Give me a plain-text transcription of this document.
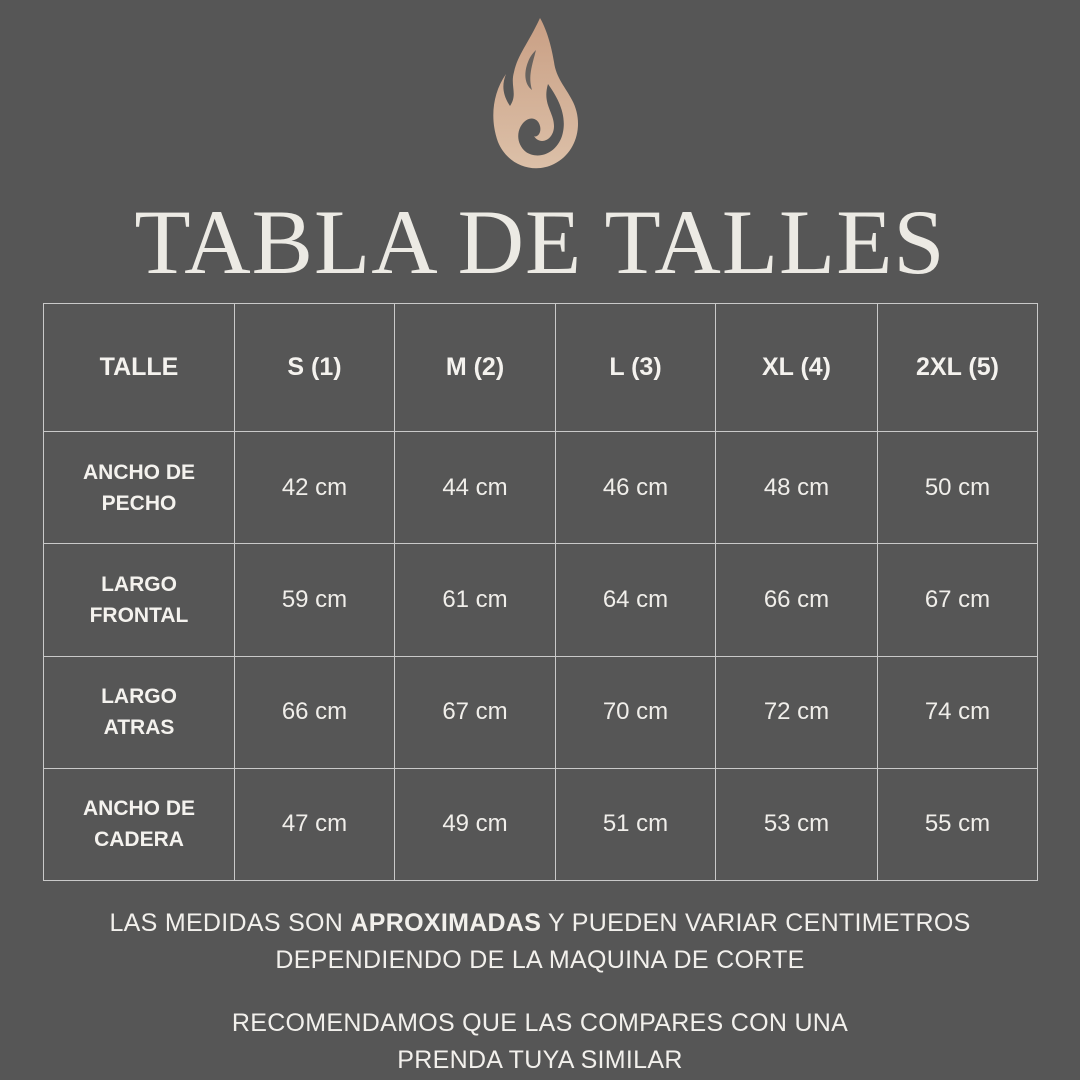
TABLA DE TALLES
TALLE	S (1)	M (2)	L (3)	XL (4)	2XL (5)

ANCHO DE
PECHO	42 cm	44 cm	46 cm	48 cm	50 cm

LARGO
FRONTAL	59 cm	61 cm	64 cm	66 cm	67 cm

LARGO
ATRAS	66 cm	67 cm	70 cm	72 cm	74 cm

ANCHO DE
CADERA	47 cm	49 cm	51 cm	53 cm	55 cm

LAS MEDIDAS SON APROXIMADAS Y PUEDEN VARIAR CENTIMETROS

DEPENDIENDO DE LA MAQUINA DE CORTE

RECOMENDAMOS QUE LAS COMPARES CON UNA

PRENDA TUYA SIMILAR
